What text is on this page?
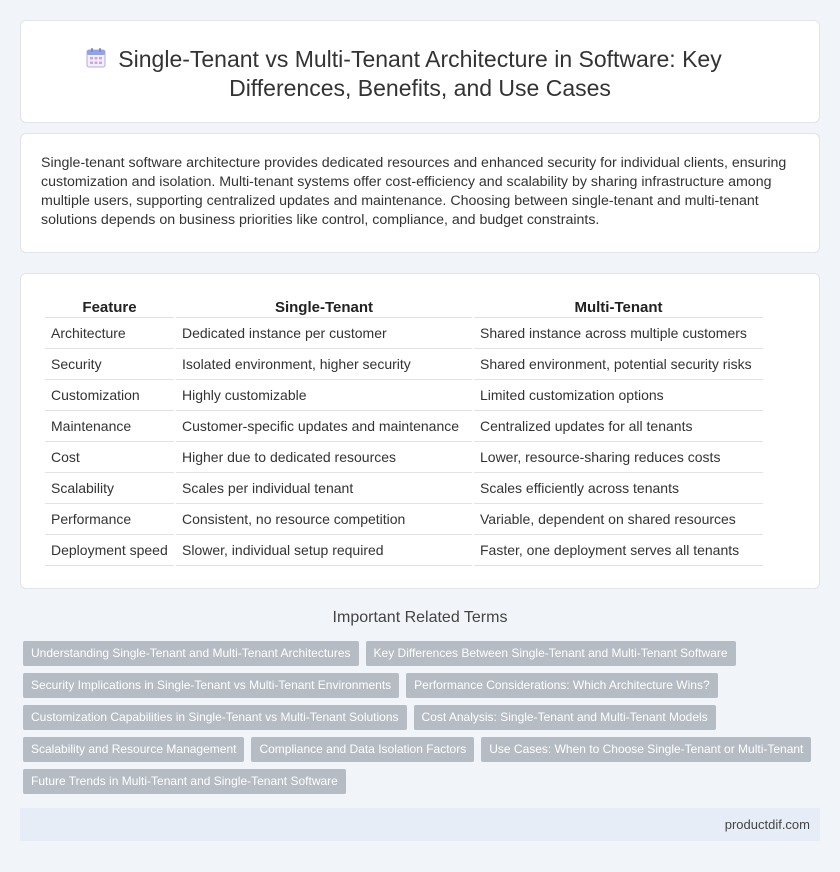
Single-Tenant vs Multi-Tenant Architecture in Software: Key Differences, Benefits, and Use Cases

Single-tenant software architecture provides dedicated resources and enhanced security for individual clients, ensuring customization and isolation. Multi-tenant systems offer cost-efficiency and scalability by sharing infrastructure among multiple users, supporting centralized updates and maintenance. Choosing between single-tenant and multi-tenant solutions depends on business priorities like control, compliance, and budget constraints.

Feature	Single-Tenant	Multi-Tenant
Architecture	Dedicated instance per customer	Shared instance across multiple customers
Security	Isolated environment, higher security	Shared environment, potential security risks
Customization	Highly customizable	Limited customization options
Maintenance	Customer-specific updates and maintenance	Centralized updates for all tenants
Cost	Higher due to dedicated resources	Lower, resource-sharing reduces costs
Scalability	Scales per individual tenant	Scales efficiently across tenants
Performance	Consistent, no resource competition	Variable, dependent on shared resources
Deployment speed	Slower, individual setup required	Faster, one deployment serves all tenants
Important Related Terms
Understanding Single-Tenant and Multi-Tenant Architectures	Key Differences Between Single-Tenant and Multi-Tenant Software
Security Implications in Single-Tenant vs Multi-Tenant Environments	Performance Considerations: Which Architecture Wins?
Customization Capabilities in Single-Tenant vs Multi-Tenant Solutions	Cost Analysis: Single-Tenant and Multi-Tenant Models
Scalability and Resource Management	Compliance and Data Isolation Factors	Use Cases: When to Choose Single-Tenant or Multi-Tenant
Future Trends in Multi-Tenant and Single-Tenant Software
productdif.com
